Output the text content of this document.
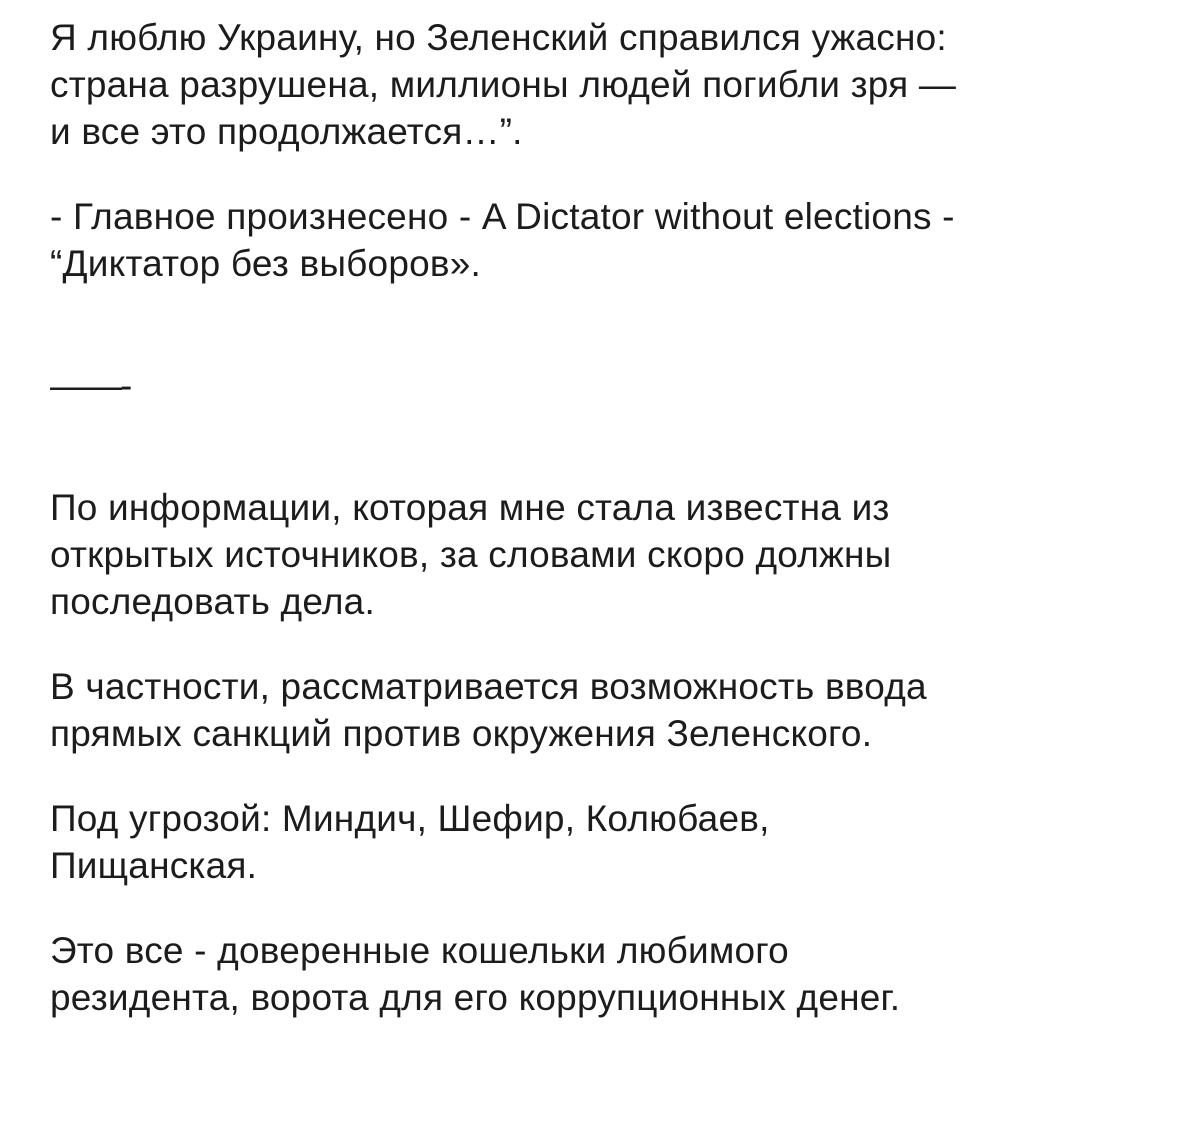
Я люблю Украину, но Зеленский справился ужасно:
страна разрушена, миллионы людей погибли зря —
и все это продолжается…”.
- Главное произнесено - A Dictator without elections -
“Диктатор без выборов».
——-
По информации, которая мне стала известна из
открытых источников, за словами скоро должны
последовать дела.
В частности, рассматривается возможность ввода
прямых санкций против окружения Зеленского.
Под угрозой: Миндич, Шефир, Колюбаев,
Пищанская.
Это все - доверенные кошельки любимого
резидента, ворота для его коррупционных денег.
